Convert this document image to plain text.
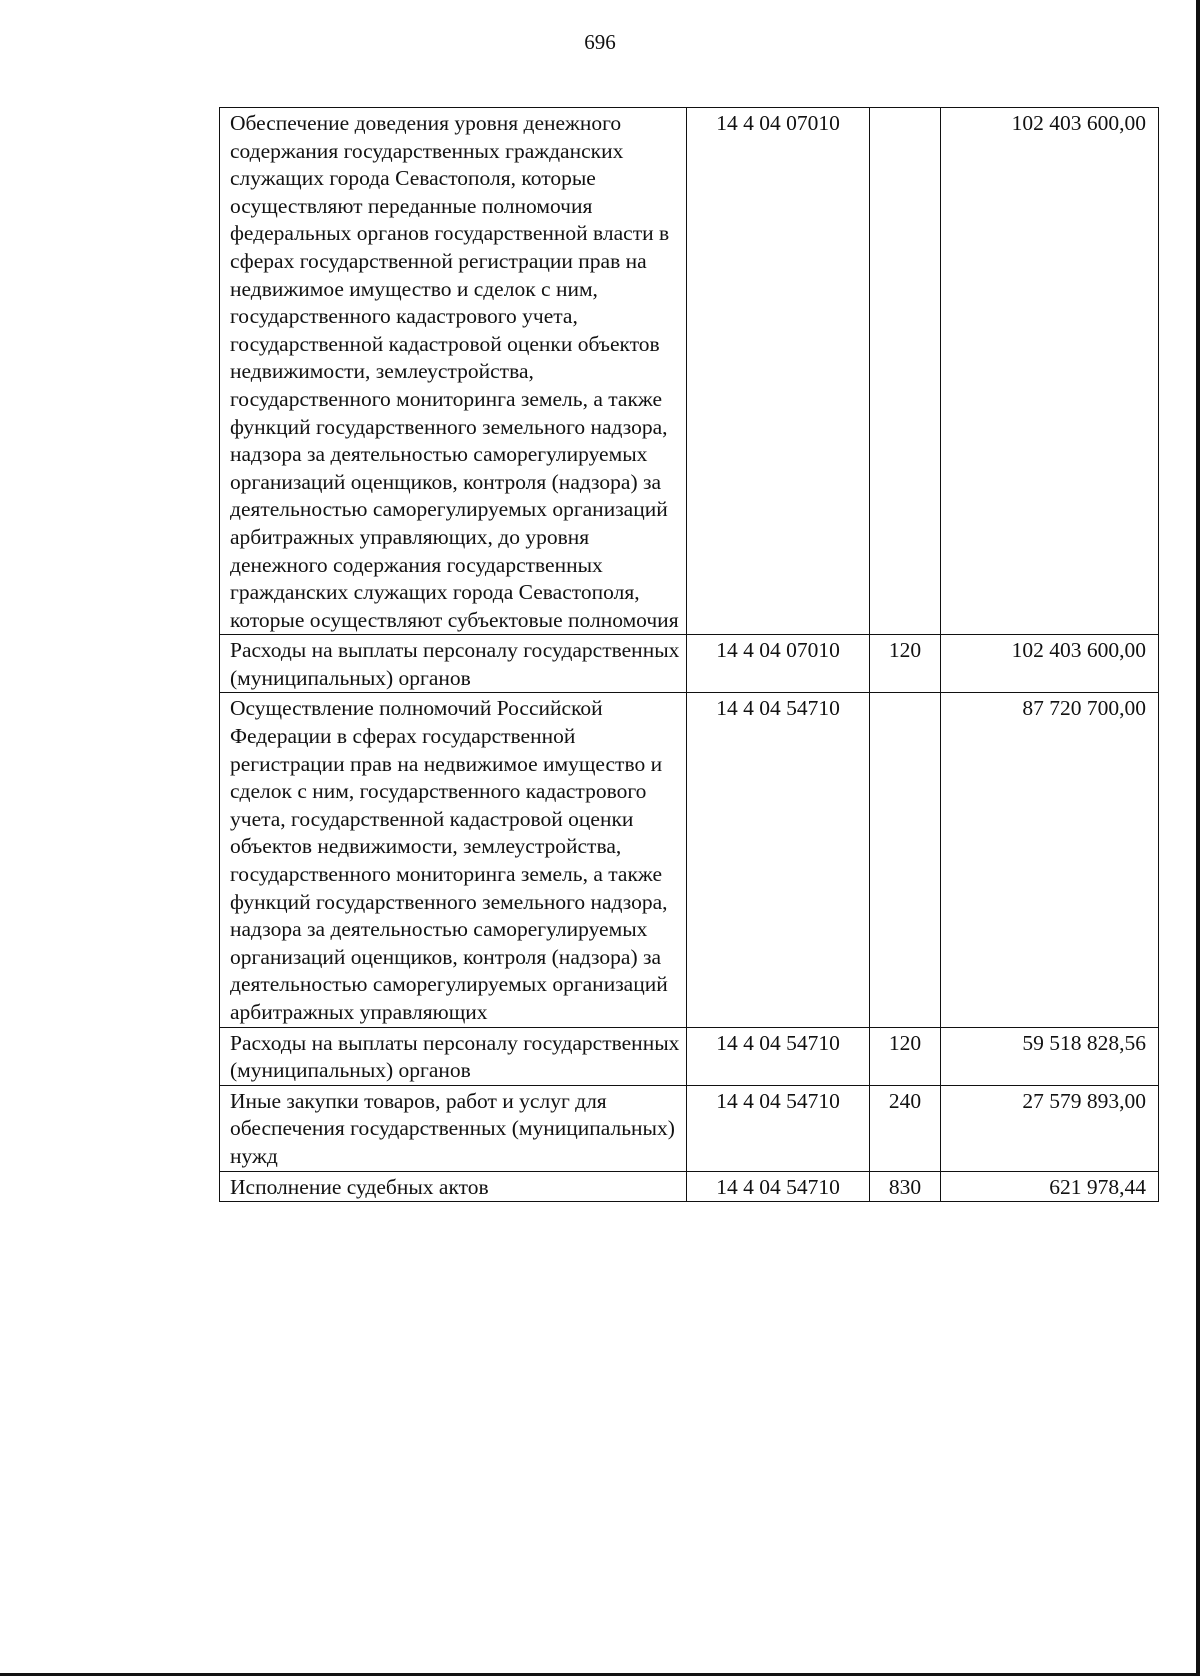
696
Обеспечение доведения уровня денежного содержания государственных гражданских служащих города Севастополя, которые осуществляют переданные полномочия федеральных органов государственной власти в сферах государственной регистрации прав на недвижимое имущество и сделок с ним, государственного кадастрового учета, государственной кадастровой оценки объектов недвижимости, землеустройства, государственного мониторинга земель, а также функций государственного земельного надзора, надзора за деятельностью саморегулируемых организаций оценщиков, контроля (надзора) за деятельностью саморегулируемых организаций арбитражных управляющих, до уровня денежного содержания государственных гражданских служащих города Севастополя, которые осуществляют субъектовые полномочия	14 4 04 07010		102 403 600,00
Расходы на выплаты персоналу государственных (муниципальных) органов	14 4 04 07010	120	102 403 600,00
Осуществление полномочий Российской Федерации в сферах государственной регистрации прав на недвижимое имущество и сделок с ним, государственного кадастрового учета, государственной кадастровой оценки объектов недвижимости, землеустройства, государственного мониторинга земель, а также функций государственного земельного надзора, надзора за деятельностью саморегулируемых организаций оценщиков, контроля (надзора) за деятельностью саморегулируемых организаций арбитражных управляющих	14 4 04 54710		87 720 700,00
Расходы на выплаты персоналу государственных (муниципальных) органов	14 4 04 54710	120	59 518 828,56
Иные закупки товаров, работ и услуг для обеспечения государственных (муниципальных) нужд	14 4 04 54710	240	27 579 893,00
Исполнение судебных актов	14 4 04 54710	830	621 978,44
